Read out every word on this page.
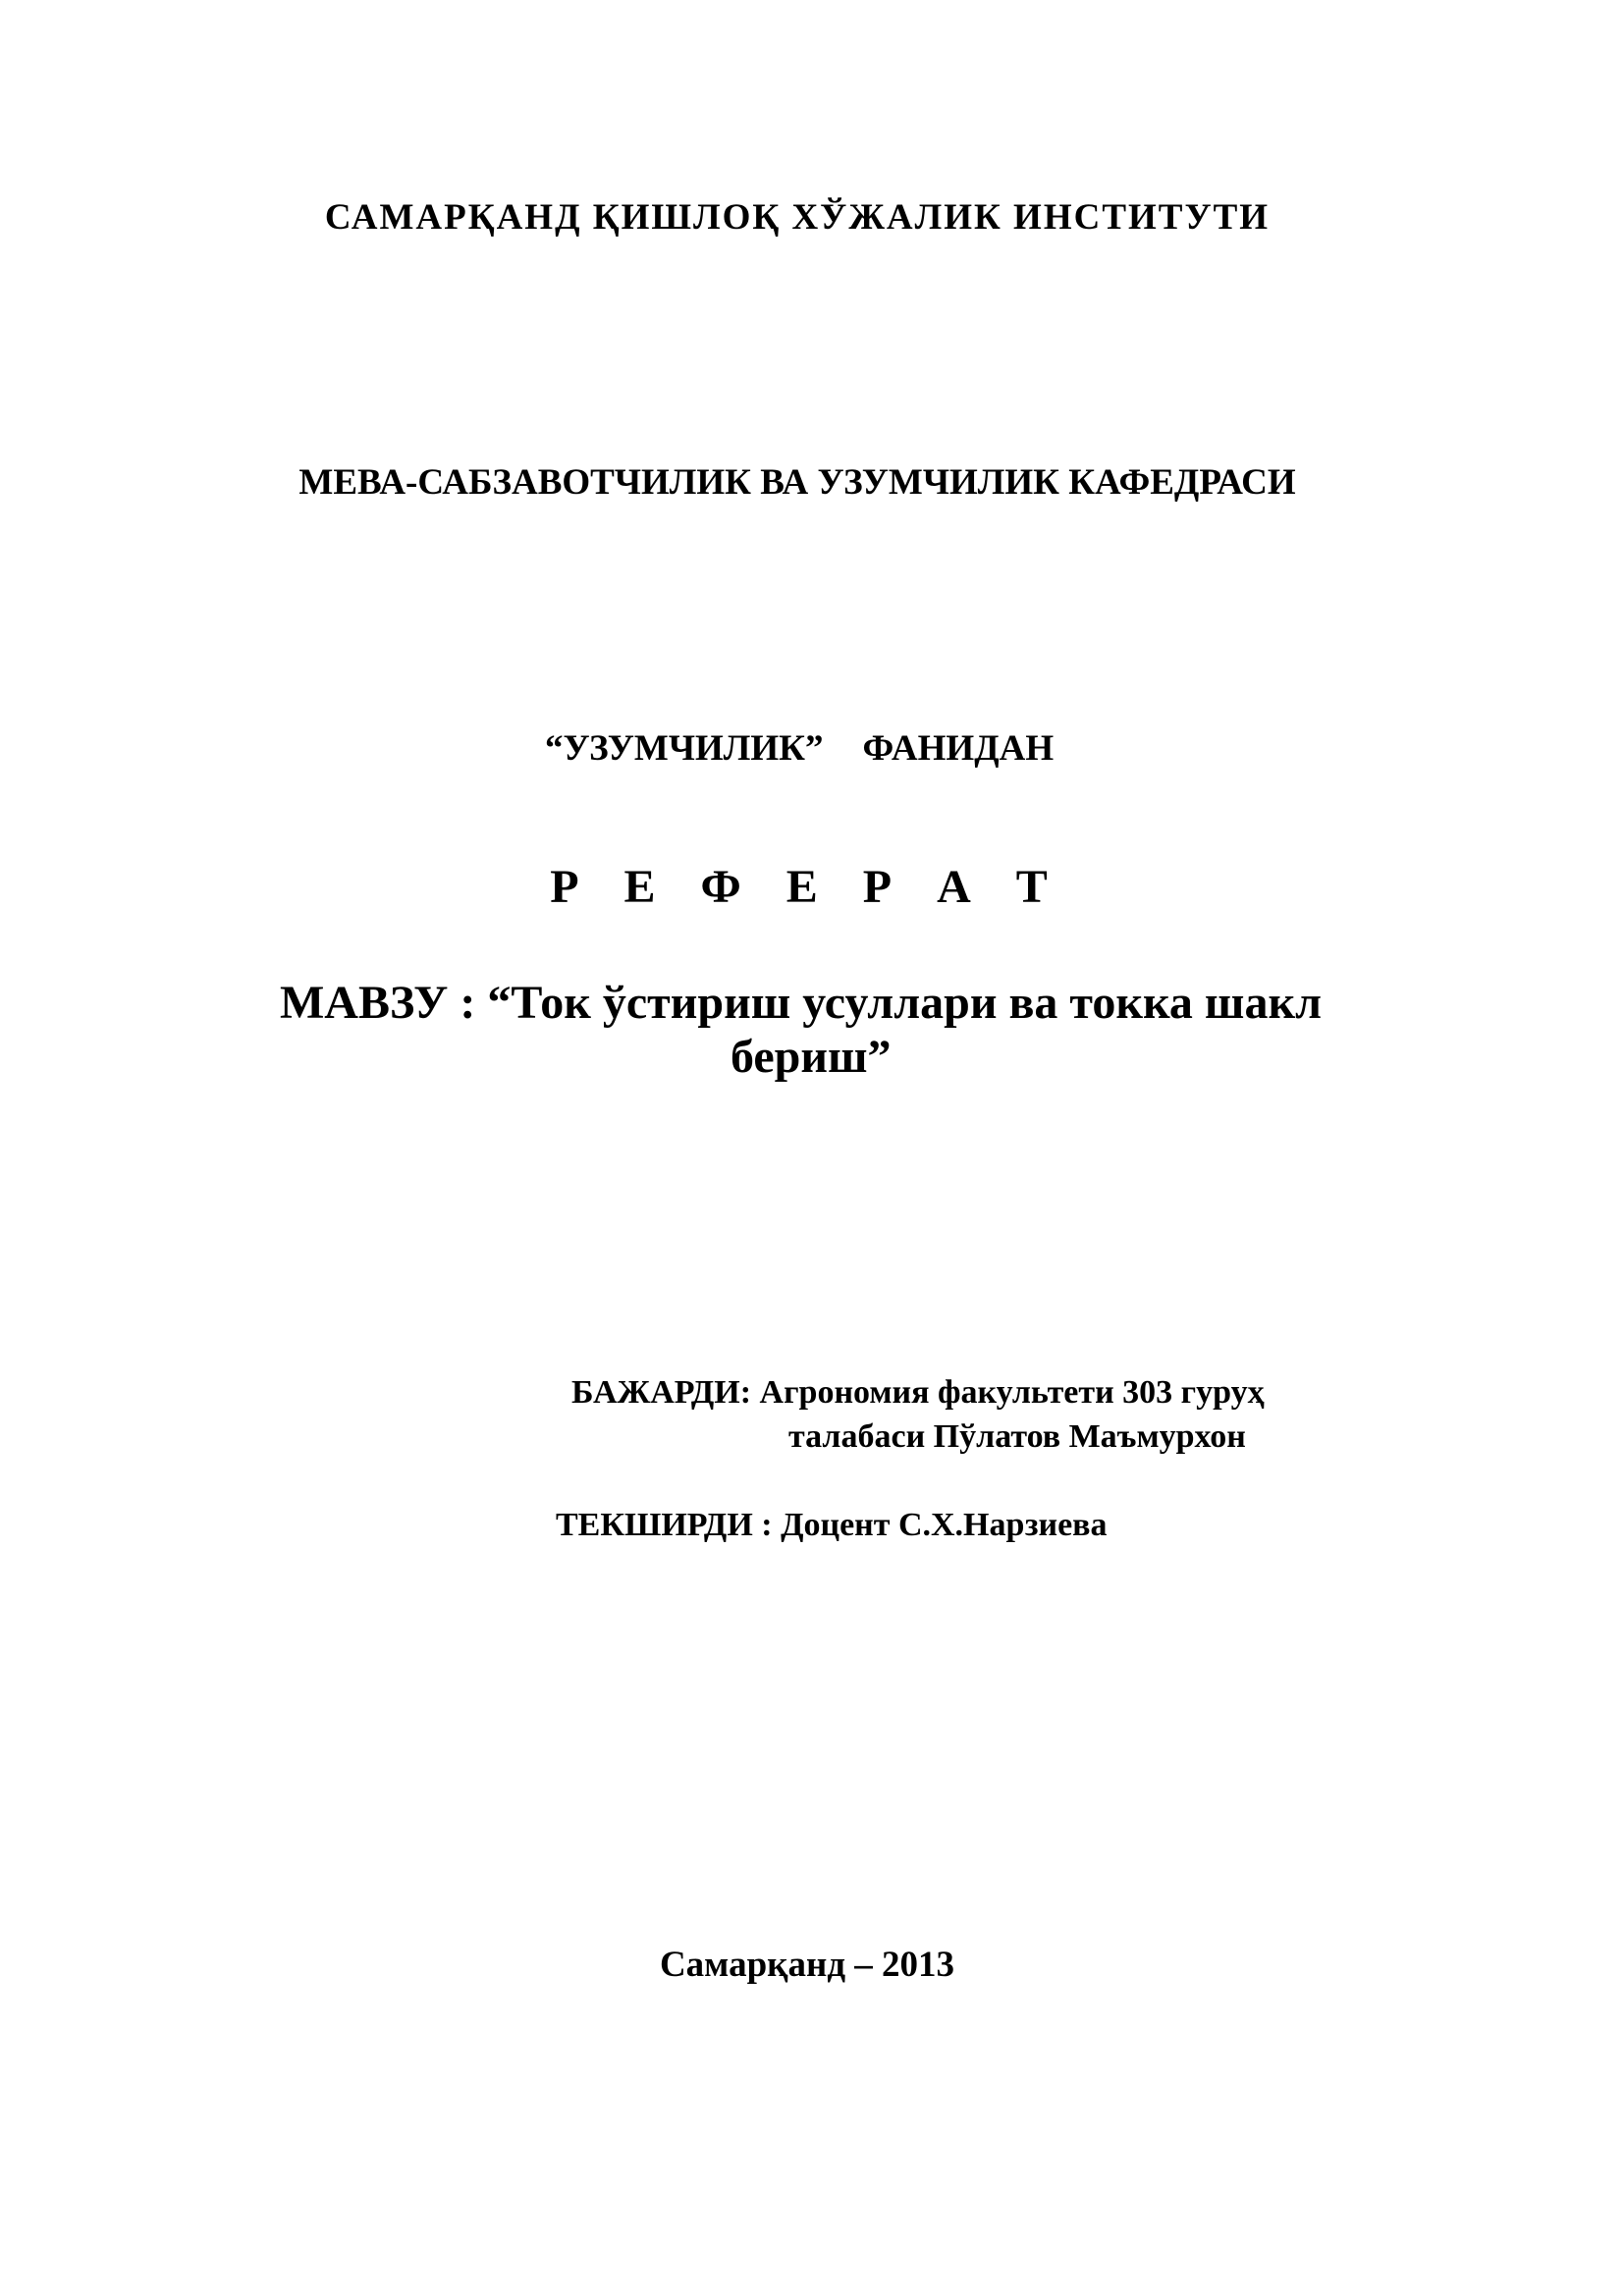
САМАРҚАНД ҚИШЛОҚ ХЎЖАЛИК ИНСТИТУТИ
МЕВА-САБЗАВОТЧИЛИК ВА УЗУМЧИЛИК КАФЕДРАСИ
“УЗУМЧИЛИК” ФАНИДАН
Р Е Ф Е Р А Т
МАВЗУ : “Ток ўстириш усуллари ва токка шакл
бериш”
БАЖАРДИ: Агрономия факультети 303 гуруҳ
талабаси Пўлатов Маъмурхон
ТЕКШИРДИ : Доцент С.Х.Нарзиева
Самарқанд – 2013
